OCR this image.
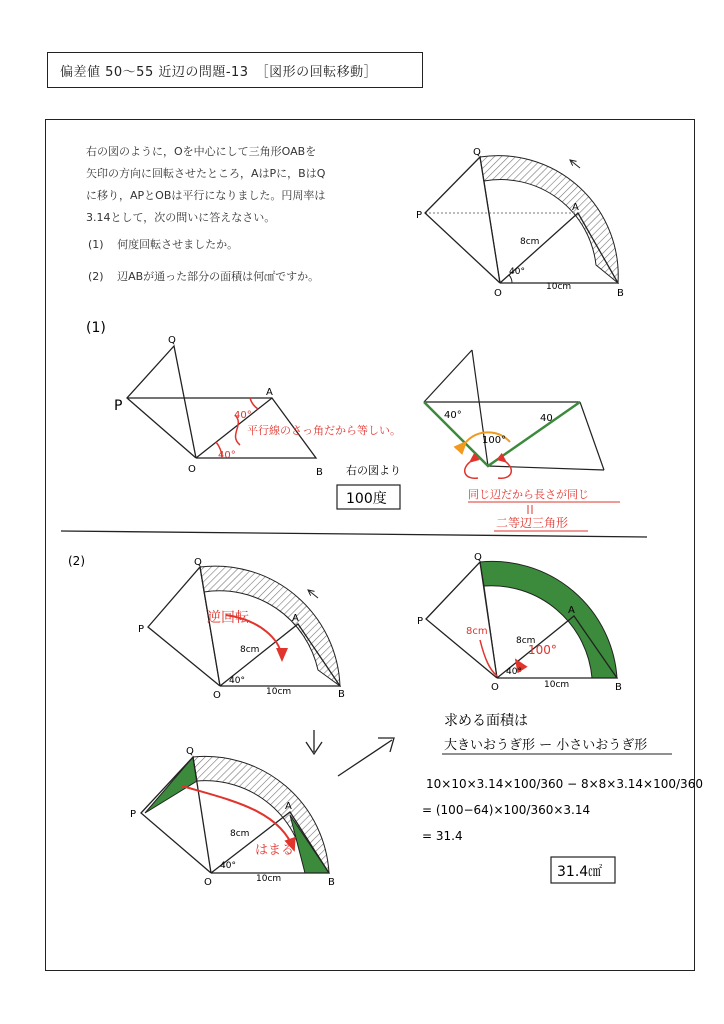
偏差値 50〜55 近辺の問題-13　［図形の回転移動］

右の図のように，Oを中心にして三角形OABを

矢印の方向に回転させたところ，AはPに，BはQ

に移り，APとOBは平行になりました。円周率は

3.14として，次の問いに答えなさい。

(1) 何度回転させましたか。
(2) 辺ABが通った部分の面積は何㎠ですか。
Q
P
A
O	B
8cm
40°
10cm
(1)
Q
P
A
O	B
40°
40°
平行線のさっ角だから等しい。
右の図より
100度
40°	40
100°
同じ辺だから長さが同じ
二等辺三角形
(2)	Q
P
A
O	B
8cm
40°
10cm
逆回転
Q
P
A
O	B
8cm
40°
10cm
8cm
100°
Q
P
A
O	B
8cm
40°
10cm
はまる
求める面積は
大きいおうぎ形 ー 小さいおうぎ形
10×10×3.14×100/360 − 8×8×3.14×100/360
= (100−64)×100/360×3.14
= 31.4
31.4㎠
